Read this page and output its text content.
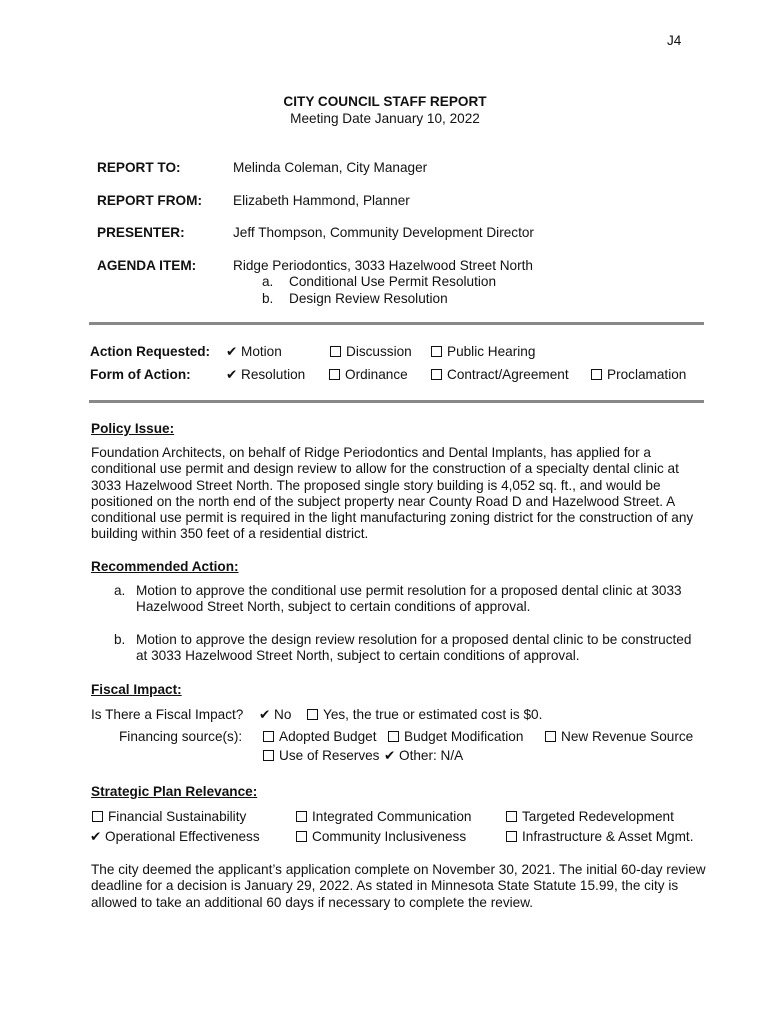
J4
CITY COUNCIL STAFF REPORT
Meeting Date January 10, 2022
REPORT TO:	Melinda Coleman, City Manager
REPORT FROM: Elizabeth Hammond, Planner
PRESENTER:	Jeff Thompson, Community Development Director
AGENDA ITEM:	Ridge Periodontics, 3033 Hazelwood Street North
a. Conditional Use Permit Resolution
b. Design Review Resolution
Action Requested: ✔ Motion	Discussion	Public Hearing
Form of Action:	✔ Resolution	Ordinance	Contract/Agreement	Proclamation
Policy Issue:
Foundation Architects, on behalf of Ridge Periodontics and Dental Implants, has applied for a conditional use permit and design review to allow for the construction of a specialty dental clinic at 3033 Hazelwood Street North. The proposed single story building is 4,052 sq. ft., and would be positioned on the north end of the subject property near County Road D and Hazelwood Street. A conditional use permit is required in the light manufacturing zoning district for the construction of any building within 350 feet of a residential district.
Recommended Action:
a. Motion to approve the conditional use permit resolution for a proposed dental clinic at 3033 Hazelwood Street North, subject to certain conditions of approval.
b. Motion to approve the design review resolution for a proposed dental clinic to be constructed at 3033 Hazelwood Street North, subject to certain conditions of approval.
Fiscal Impact:
Is There a Fiscal Impact? ✔ No	Yes, the true or estimated cost is $0.
Financing source(s):	Adopted Budget	Budget Modification	New Revenue Source
Use of Reserves ✔ Other: N/A
Strategic Plan Relevance:
Financial Sustainability	Integrated Communication	Targeted Redevelopment
✔ Operational Effectiveness	Community Inclusiveness	Infrastructure & Asset Mgmt.
The city deemed the applicant’s application complete on November 30, 2021. The initial 60-day review deadline for a decision is January 29, 2022. As stated in Minnesota State Statute 15.99, the city is allowed to take an additional 60 days if necessary to complete the review.
